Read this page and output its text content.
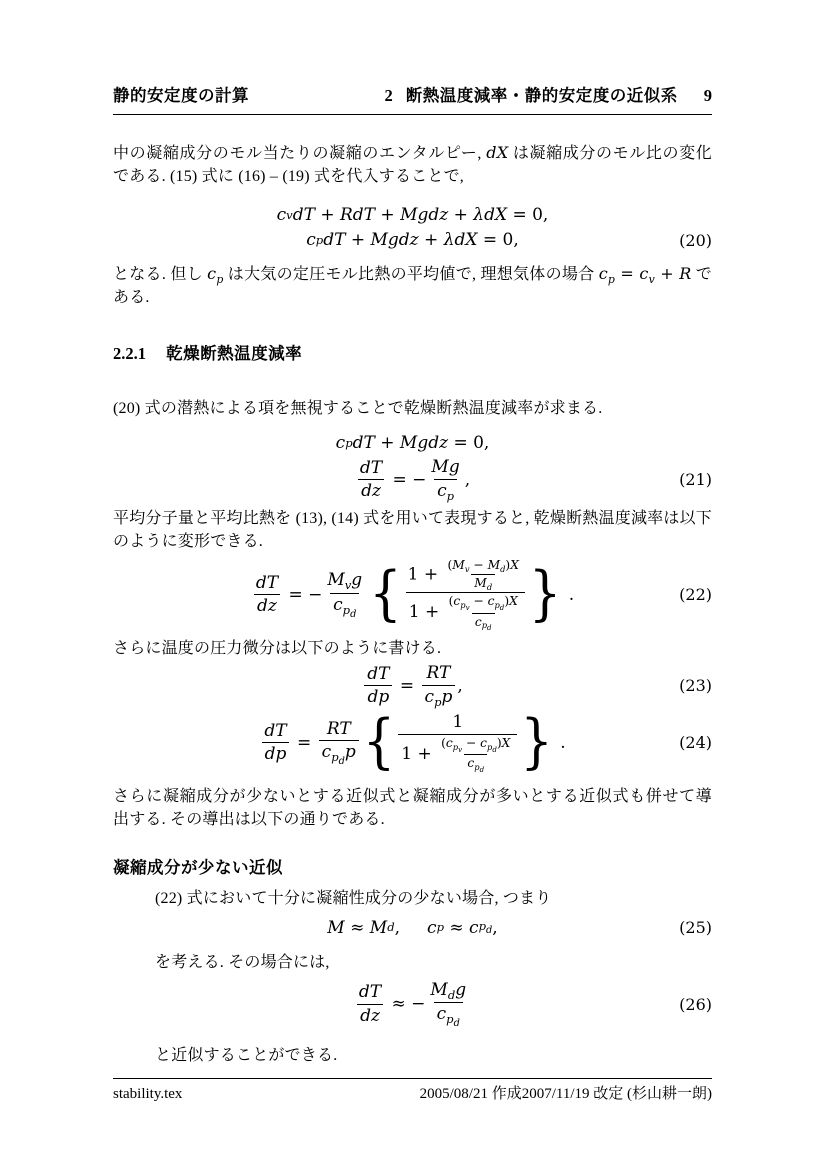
静的安定度の計算	2 断熱温度減率・静的安定度の近似系 9

中の凝縮成分のモル当たりの凝縮のエンタルピー, dX は凝縮成分のモル比の変化である. (15) 式に (16) – (19) 式を代入することで,

c v dT + RdT + Mgdz + λdX = 0,
c p dT + Mgdz + λdX = 0,	(20)

となる. 但し $c_p$ は大気の定圧モル比熱の平均値で, 理想気体の場合 $c_p = c_v + R$ である.

2.2.1 乾燥断熱温度減率

(20) 式の潜熱による項を無視することで乾燥断熱温度減率が求まる.

c p dT + Mgdz = 0,
$\frac{dT}{dz}$ = − $\frac{Mg}{c_p}$ ,	(21)

平均分子量と平均比熱を (13), (14) 式を用いて表現すると, 乾燥断熱温度減率は以下のように変形できる.

$\frac{dT}{dz}$ = −
$M_vg$
$c_{p_d}$ { $1 + \frac{(M_v - M_d)X}{M_d}$
1 +
$(c_{p_v} - c_{p_d})X$
$c_{p_d}$ } .	(22)

さらに温度の圧力微分は以下のように書ける.

$\frac{dT}{dp}$ =
RT
$c_pp$
,	(23)
$\frac{dT}{dp}$ =
RT
$c_{p_d}p$ {	1
1 +
$(c_{p_v} - c_{p_d})X$
$c_{p_d}$ } .	(24)

さらに凝縮成分が少ないとする近似式と凝縮成分が多いとする近似式も併せて導出する. その導出は以下の通りである.

凝縮成分が少ない近似

(22) 式において十分に凝縮性成分の少ない場合, つまり

M ≈ M d , c p ≈ c $p_d$ ,	(25)

を考える. その場合には,

$\frac{dT}{dz}$ ≈ −
$M_dg$
$c_{p_d}$
(26)

と近似することができる.

stability.tex	2005/08/21 作成2007/11/19 改定 (杉山耕一朗)
